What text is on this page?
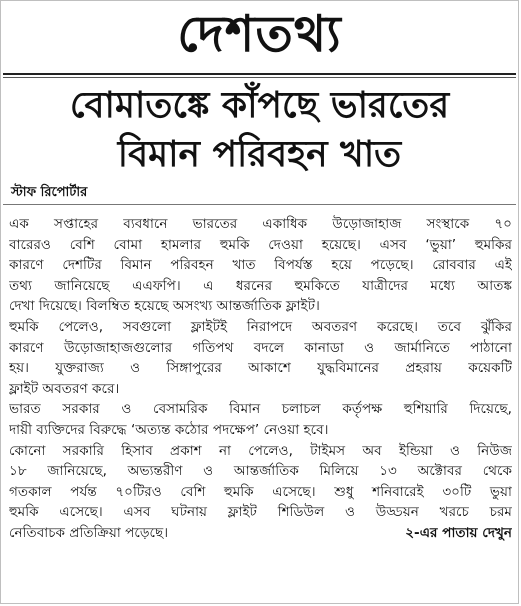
দেশতথ্য
বোমাতঙ্কে কাঁপছে ভারতের
বিমান পরিবহন খাত
স্টাফ রিপোর্টার
এক সপ্তাহের ব্যবধানে ভারতের একাধিক উড়োজাহাজ সংস্থাকে ৭০
বারেরও বেশি বোমা হামলার হুমকি দেওয়া হয়েছে। এসব ‘ভুয়া’ হুমকির
কারণে দেশটির বিমান পরিবহন খাত বিপর্যস্ত হয়ে পড়েছে। রোববার এই
তথ্য জানিয়েছে এএফপি। এ ধরনের হুমকিতে যাত্রীদের মধ্যে আতঙ্ক
দেখা দিয়েছে। বিলম্বিত হয়েছে অসংখ্য আন্তর্জাতিক ফ্লাইট।
হুমকি পেলেও, সবগুলো ফ্লাইটই নিরাপদে অবতরণ করেছে। তবে ঝুঁকির
কারণে উড়োজাহাজগুলোর গতিপথ বদলে কানাডা ও জার্মানিতে পাঠানো
হয়। যুক্তরাজ্য ও সিঙ্গাপুরের আকাশে যুদ্ধবিমানের প্রহরায় কয়েকটি
ফ্লাইট অবতরণ করে।
ভারত সরকার ও বেসামরিক বিমান চলাচল কর্তৃপক্ষ হুশিয়ারি দিয়েছে,
দায়ী ব্যক্তিদের বিরুদ্ধে ‘অত্যন্ত কঠোর পদক্ষেপ’ নেওয়া হবে।
কোনো সরকারি হিসাব প্রকাশ না পেলেও, টাইমস অব ইন্ডিয়া ও নিউজ
১৮ জানিয়েছে, অভ্যন্তরীণ ও আন্তর্জাতিক মিলিয়ে ১৩ অক্টোবর থেকে
গতকাল পর্যন্ত ৭০টিরও বেশি হুমকি এসেছে। শুধু শনিবারেই ৩০টি ভুয়া
হুমকি এসেছে। এসব ঘটনায় ফ্লাইট শিডিউল ও উড্ডয়ন খরচে চরম
নেতিবাচক প্রতিক্রিয়া পড়েছে।	২-এর পাতায় দেখুন
